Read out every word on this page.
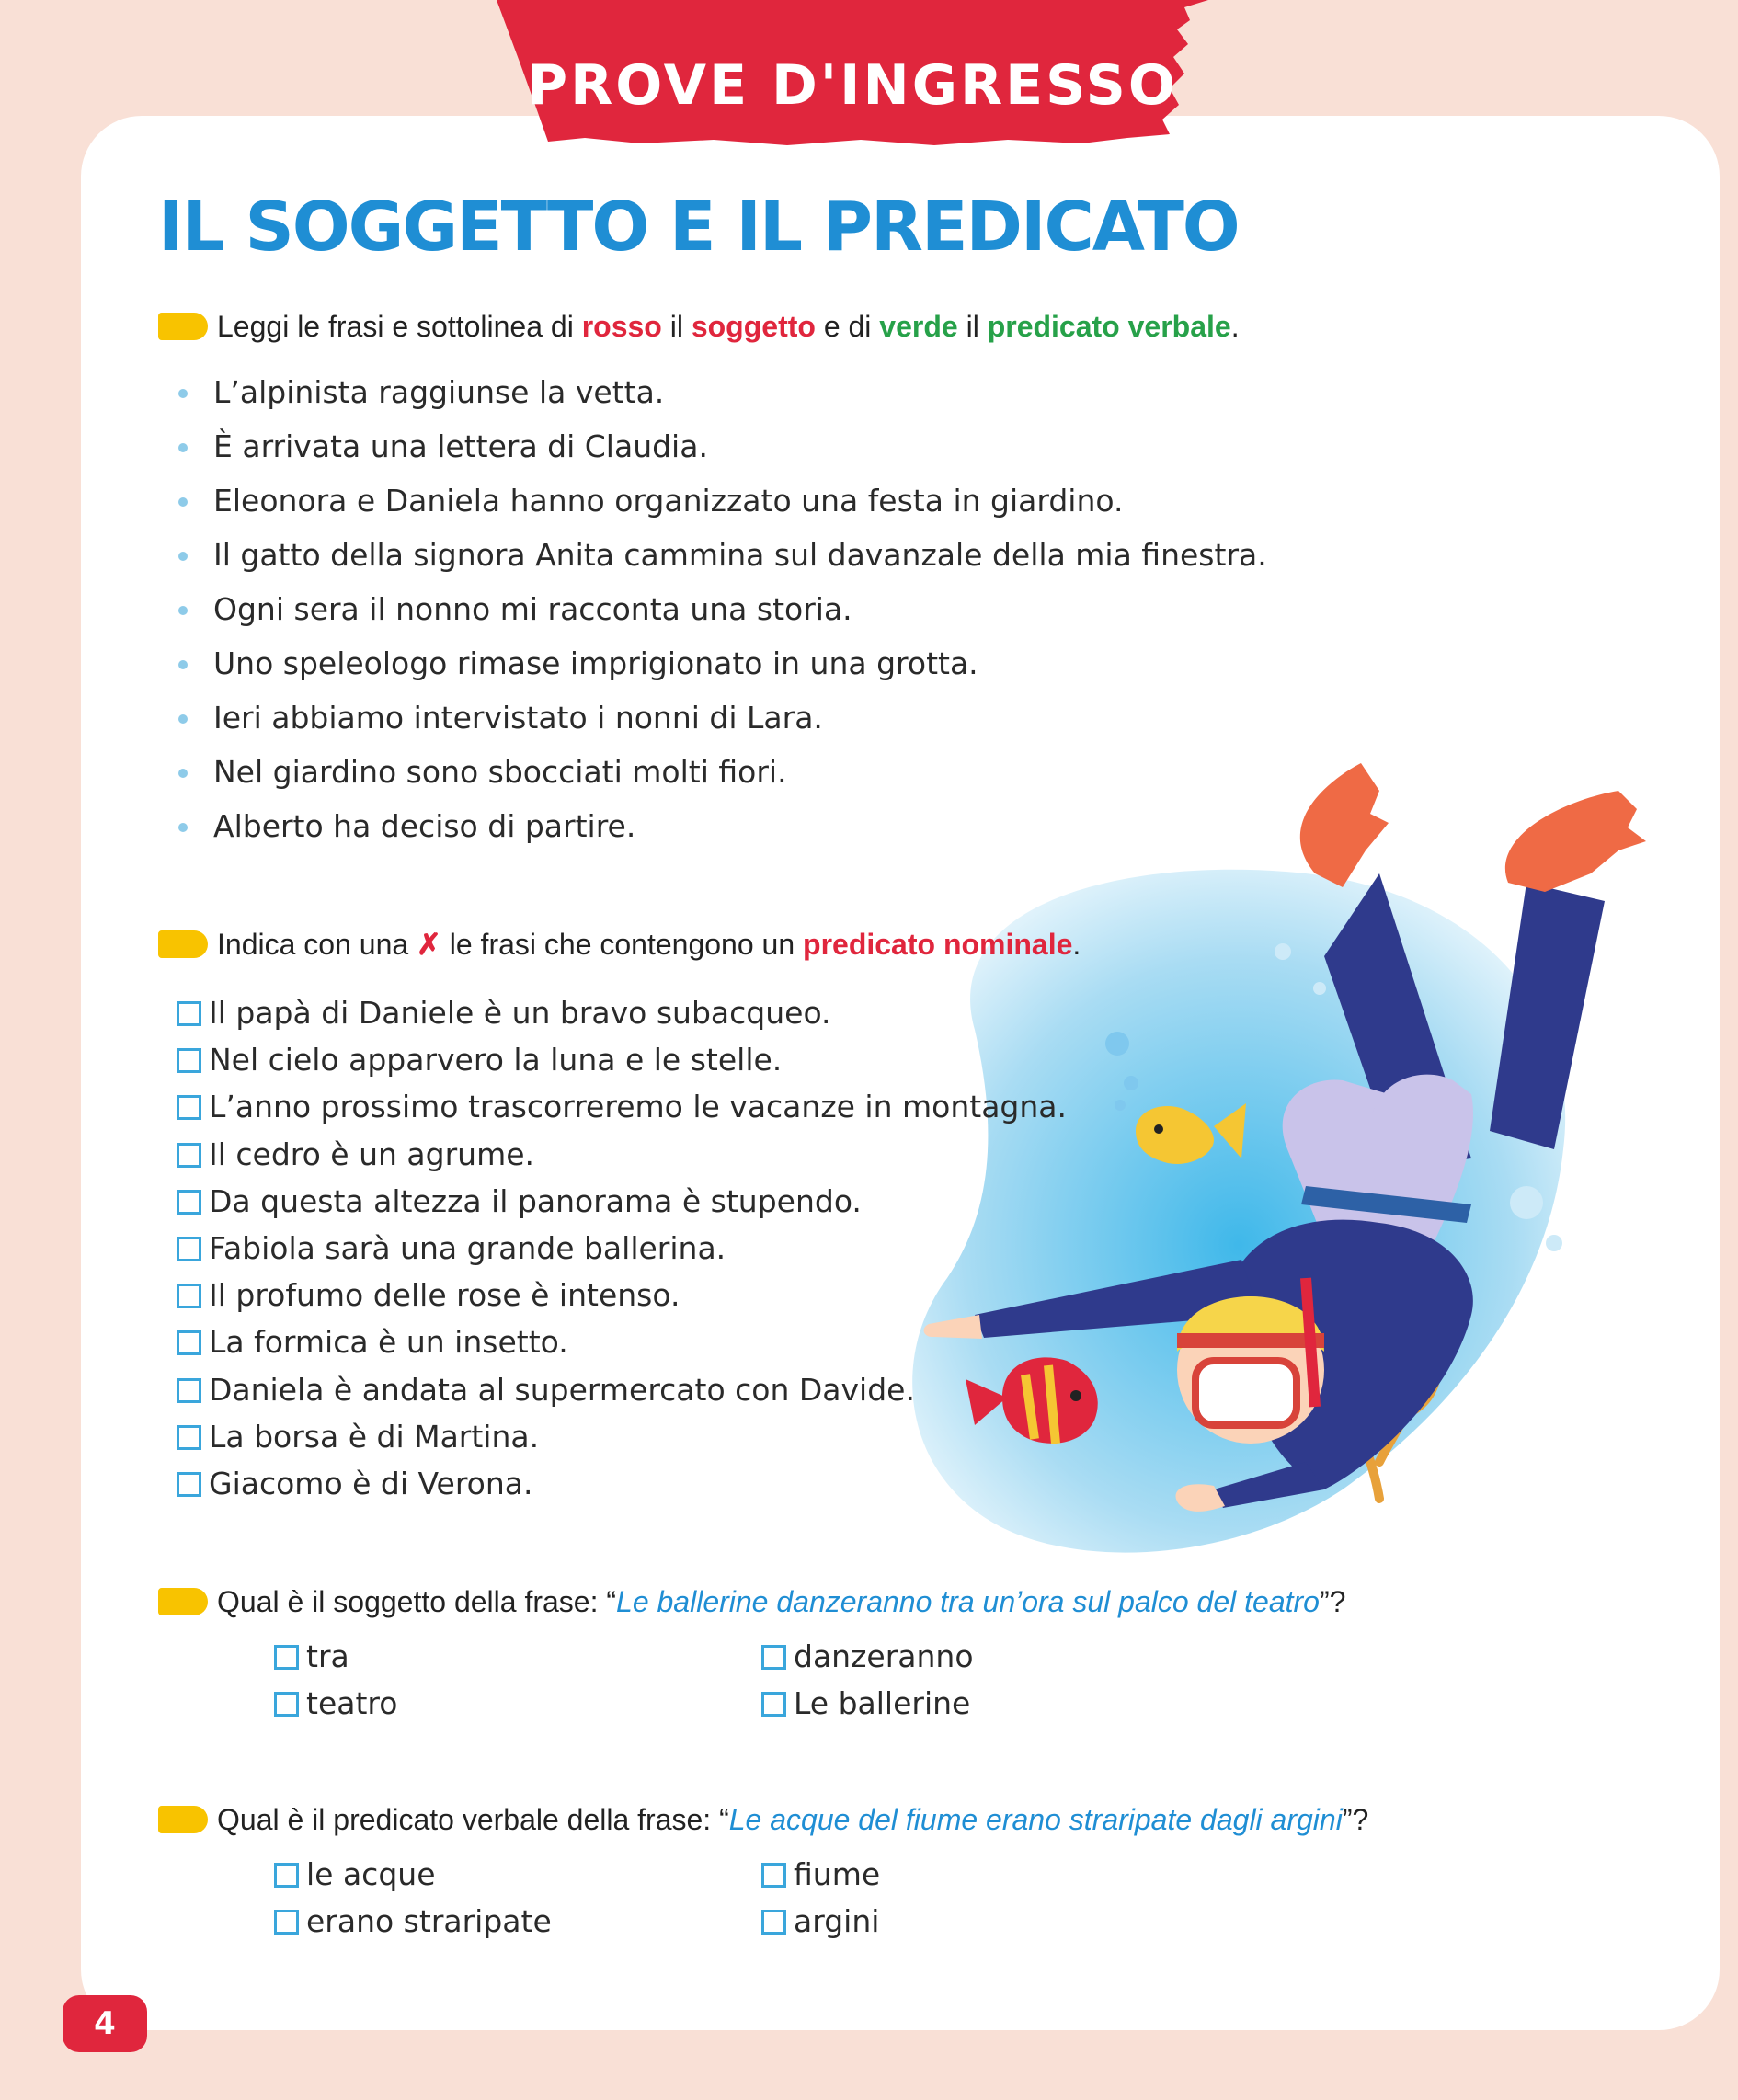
PROVE D'INGRESSO
IL SOGGETTO E IL PREDICATO
Leggi le frasi e sottolinea di rosso il soggetto e di verde il predicato verbale.
L’alpinista raggiunse la vetta.
È arrivata una lettera di Claudia.
Eleonora e Daniela hanno organizzato una festa in giardino.
Il gatto della signora Anita cammina sul davanzale della mia finestra.
Ogni sera il nonno mi racconta una storia.
Uno speleologo rimase imprigionato in una grotta.
Ieri abbiamo intervistato i nonni di Lara.
Nel giardino sono sbocciati molti fiori.
Alberto ha deciso di partire.
Indica con una ✗ le frasi che contengono un predicato nominale.
Il papà di Daniele è un bravo subacqueo.
Nel cielo apparvero la luna e le stelle.
L’anno prossimo trascorreremo le vacanze in montagna.
Il cedro è un agrume.
Da questa altezza il panorama è stupendo.
Fabiola sarà una grande ballerina.
Il profumo delle rose è intenso.
La formica è un insetto.
Daniela è andata al supermercato con Davide.
La borsa è di Martina.
Giacomo è di Verona.
Qual è il soggetto della frase: “Le ballerine danzeranno tra un’ora sul palco del teatro”?
tra	danzeranno
teatro	Le ballerine
Qual è il predicato verbale della frase: “Le acque del fiume erano straripate dagli argini”?
le acque	fiume
erano straripate	argini
4
